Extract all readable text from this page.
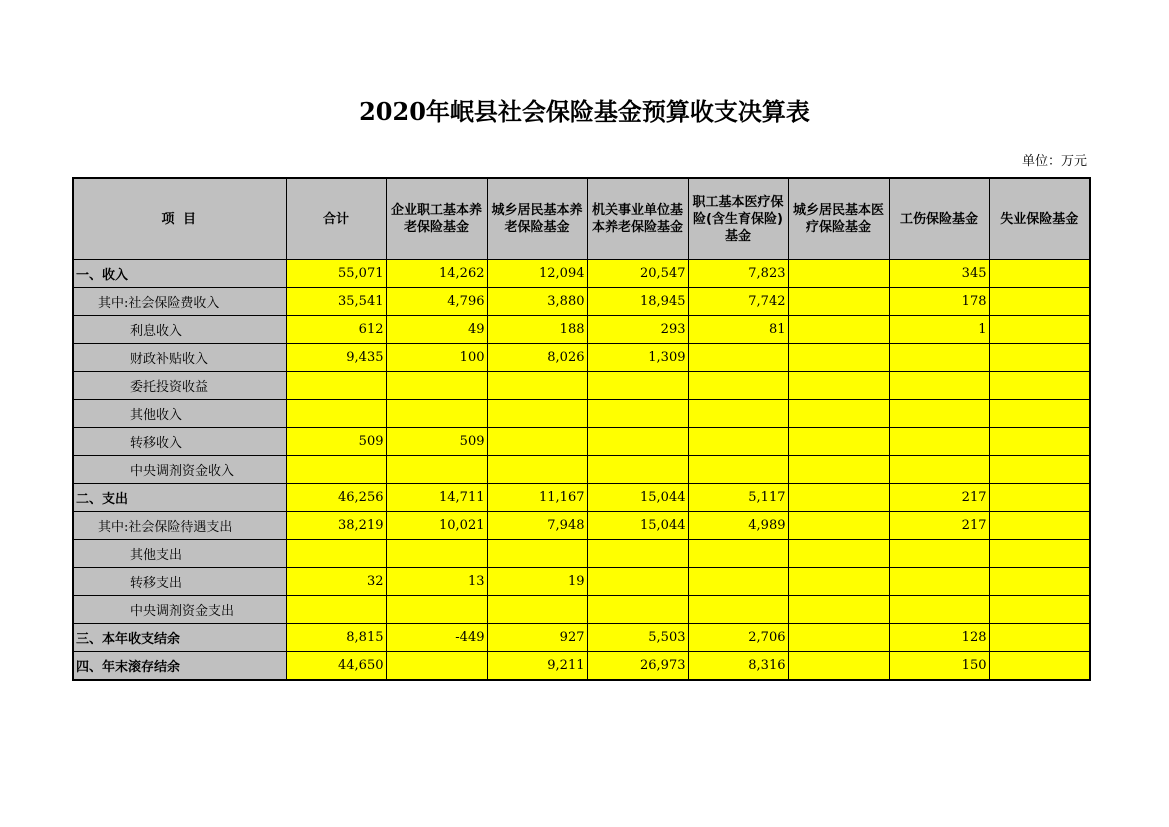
2020年岷县社会保险基金预算收支决算表
单位：万元
项 目	合计	企业职工基本养老保险基金	城乡居民基本养老保险基金	机关事业单位基本养老保险基金	职工基本医疗保险(含生育保险)基金	城乡居民基本医疗保险基金	工伤保险基金	失业保险基金
一、收入	55,071	14,262	12,094	20,547	7,823		345	
其中:社会保险费收入	35,541	4,796	3,880	18,945	7,742		178	
利息收入	612	49	188	293	81		1	
财政补贴收入	9,435	100	8,026	1,309				
委托投资收益								
其他收入								
转移收入	509	509						
中央调剂资金收入								
二、支出	46,256	14,711	11,167	15,044	5,117		217	
其中:社会保险待遇支出	38,219	10,021	7,948	15,044	4,989		217	
其他支出								
转移支出	32	13	19					
中央调剂资金支出								
三、本年收支结余	8,815	-449	927	5,503	2,706		128	
四、年末滚存结余	44,650		9,211	26,973	8,316		150	
